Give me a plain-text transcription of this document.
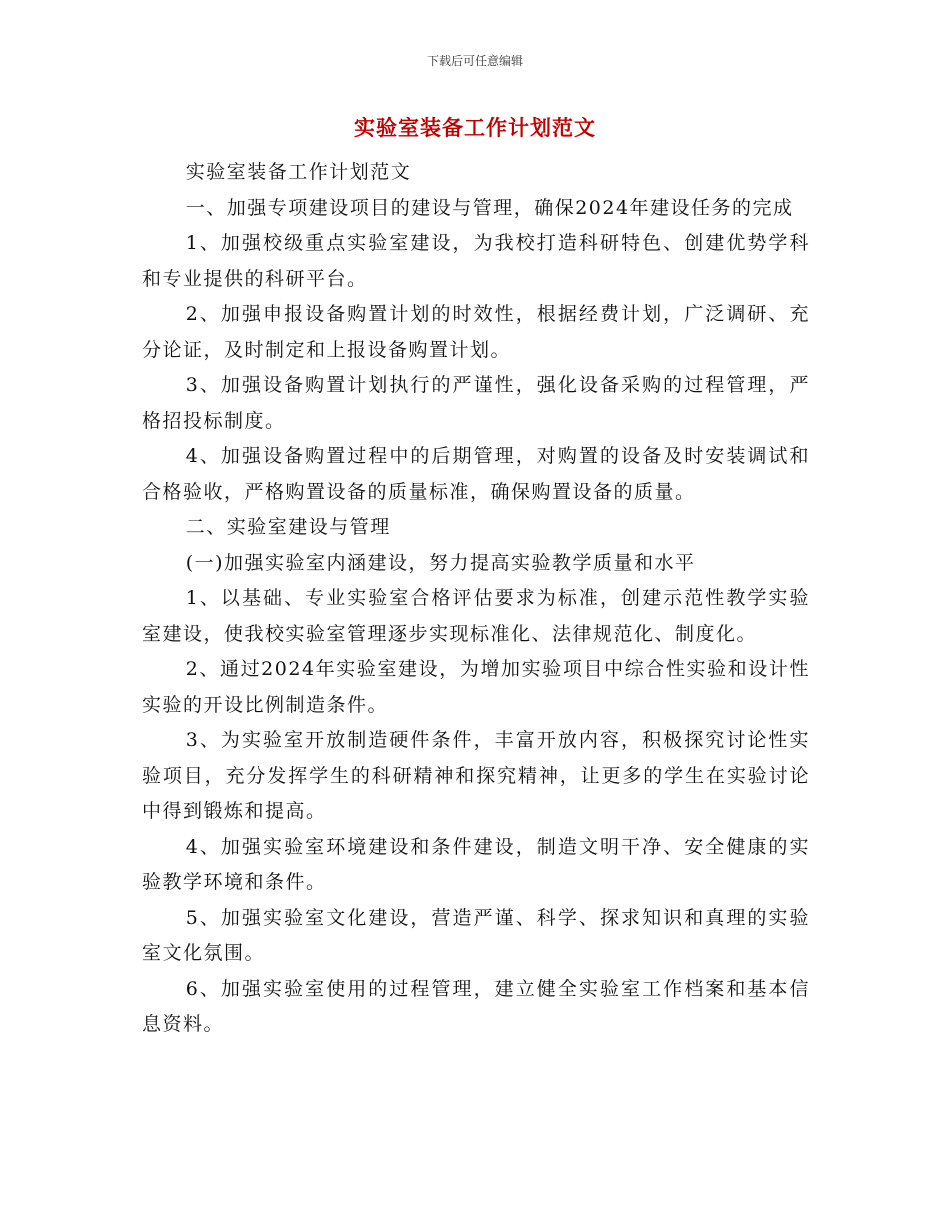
下载后可任意编辑
实验室装备工作计划范文

实验室装备工作计划范文

一、加强专项建设项目的建设与管理，确保2024年建设任务的完成

1、加强校级重点实验室建设，为我校打造科研特色、创建优势学科和专业提供的科研平台。

2、加强申报设备购置计划的时效性，根据经费计划，广泛调研、充分论证，及时制定和上报设备购置计划。

3、加强设备购置计划执行的严谨性，强化设备采购的过程管理，严格招投标制度。

4、加强设备购置过程中的后期管理，对购置的设备及时安装调试和合格验收，严格购置设备的质量标准，确保购置设备的质量。

二、实验室建设与管理

(一)加强实验室内涵建设，努力提高实验教学质量和水平

1、以基础、专业实验室合格评估要求为标准，创建示范性教学实验室建设，使我校实验室管理逐步实现标准化、法律规范化、制度化。

2、通过2024年实验室建设，为增加实验项目中综合性实验和设计性实验的开设比例制造条件。

3、为实验室开放制造硬件条件，丰富开放内容，积极探究讨论性实验项目，充分发挥学生的科研精神和探究精神，让更多的学生在实验讨论中得到锻炼和提高。

4、加强实验室环境建设和条件建设，制造文明干净、安全健康的实验教学环境和条件。

5、加强实验室文化建设，营造严谨、科学、探求知识和真理的实验室文化氛围。

6、加强实验室使用的过程管理，建立健全实验室工作档案和基本信息资料。
